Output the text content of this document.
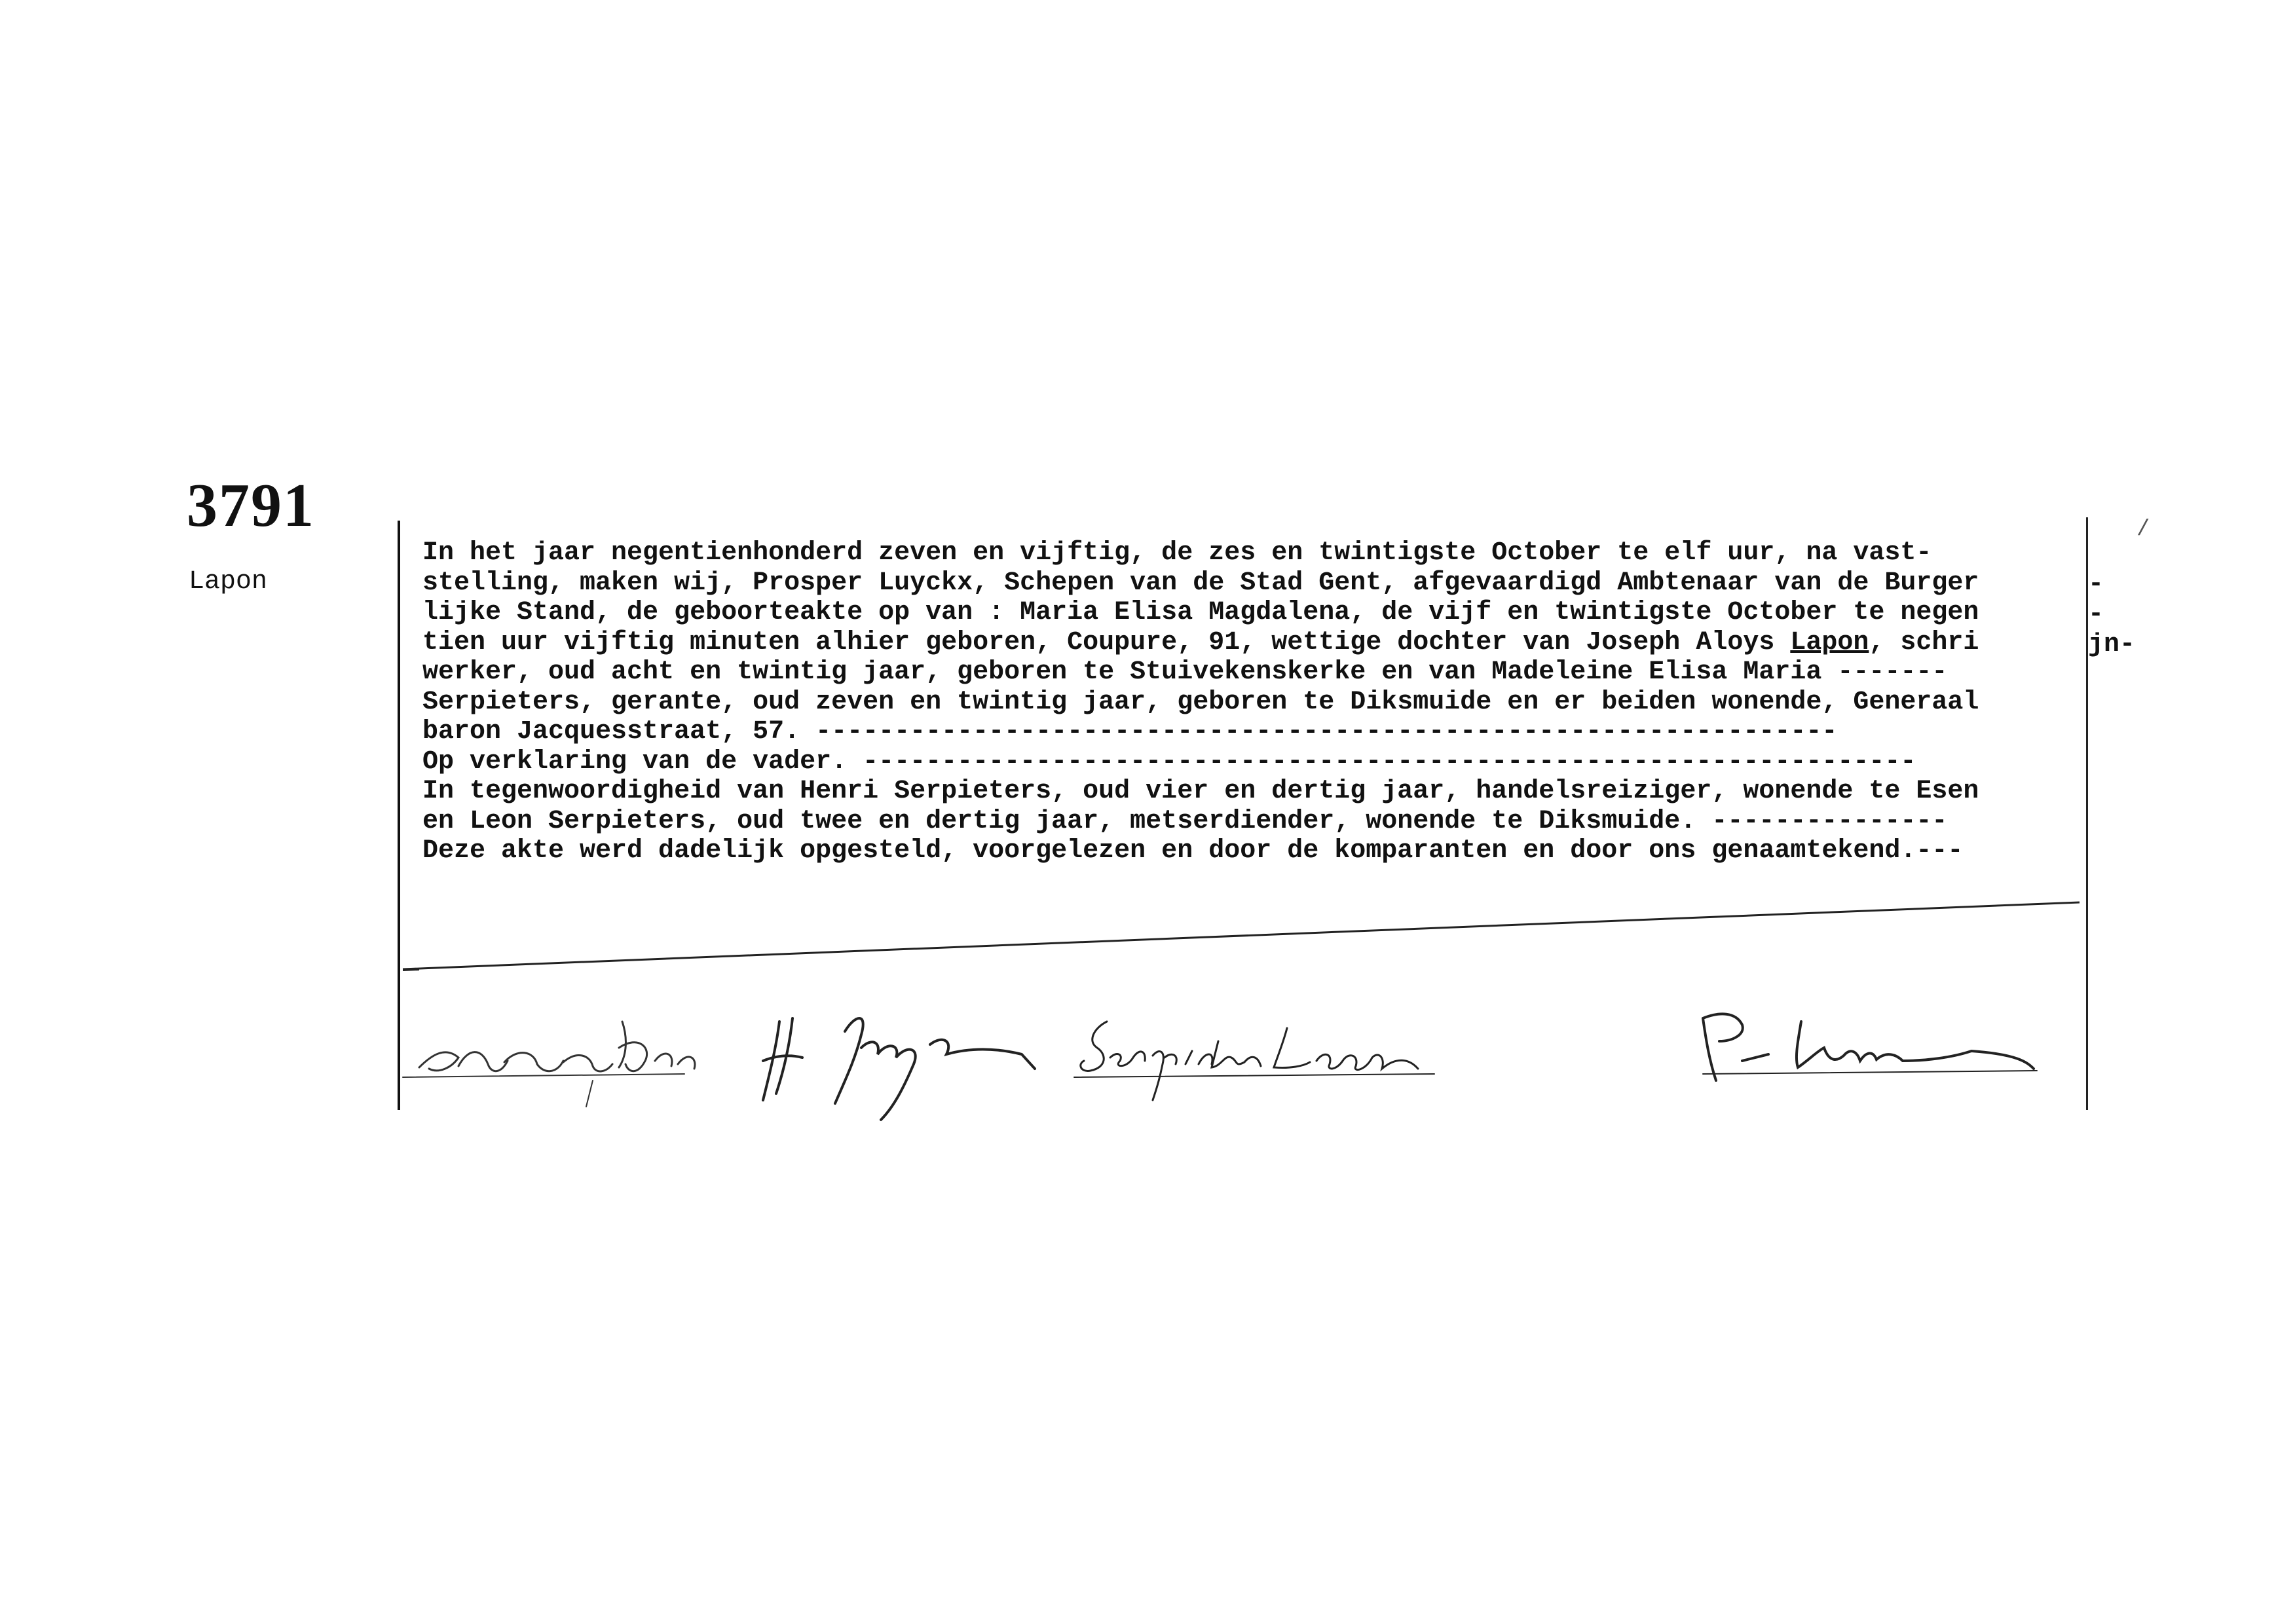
3791
Lapon
/
In het jaar negentienhonderd zeven en vijftig, de zes en twintigste October te elf uur, na vast-
stelling, maken wij, Prosper Luyckx, Schepen van de Stad Gent, afgevaardigd Ambtenaar van de Burger
lijke Stand, de geboorteakte op van : Maria Elisa Magdalena, de vijf en twintigste October te negen
tien uur vijftig minuten alhier geboren, Coupure, 91, wettige dochter van Joseph Aloys Lapon, schri
werker, oud acht en twintig jaar, geboren te Stuivekenskerke en van Madeleine Elisa Maria -------
Serpieters, gerante, oud zeven en twintig jaar, geboren te Diksmuide en er beiden wonende, Generaal
baron Jacquesstraat, 57. -----------------------------------------------------------------
Op verklaring van de vader. -------------------------------------------------------------------
In tegenwoordigheid van Henri Serpieters, oud vier en dertig jaar, handelsreiziger, wonende te Esen
en Leon Serpieters, oud twee en dertig jaar, metserdiender, wonende te Diksmuide. ---------------
Deze akte werd dadelijk opgesteld, voorgelezen en door de komparanten en door ons genaamtekend.---
-
-
jn-
